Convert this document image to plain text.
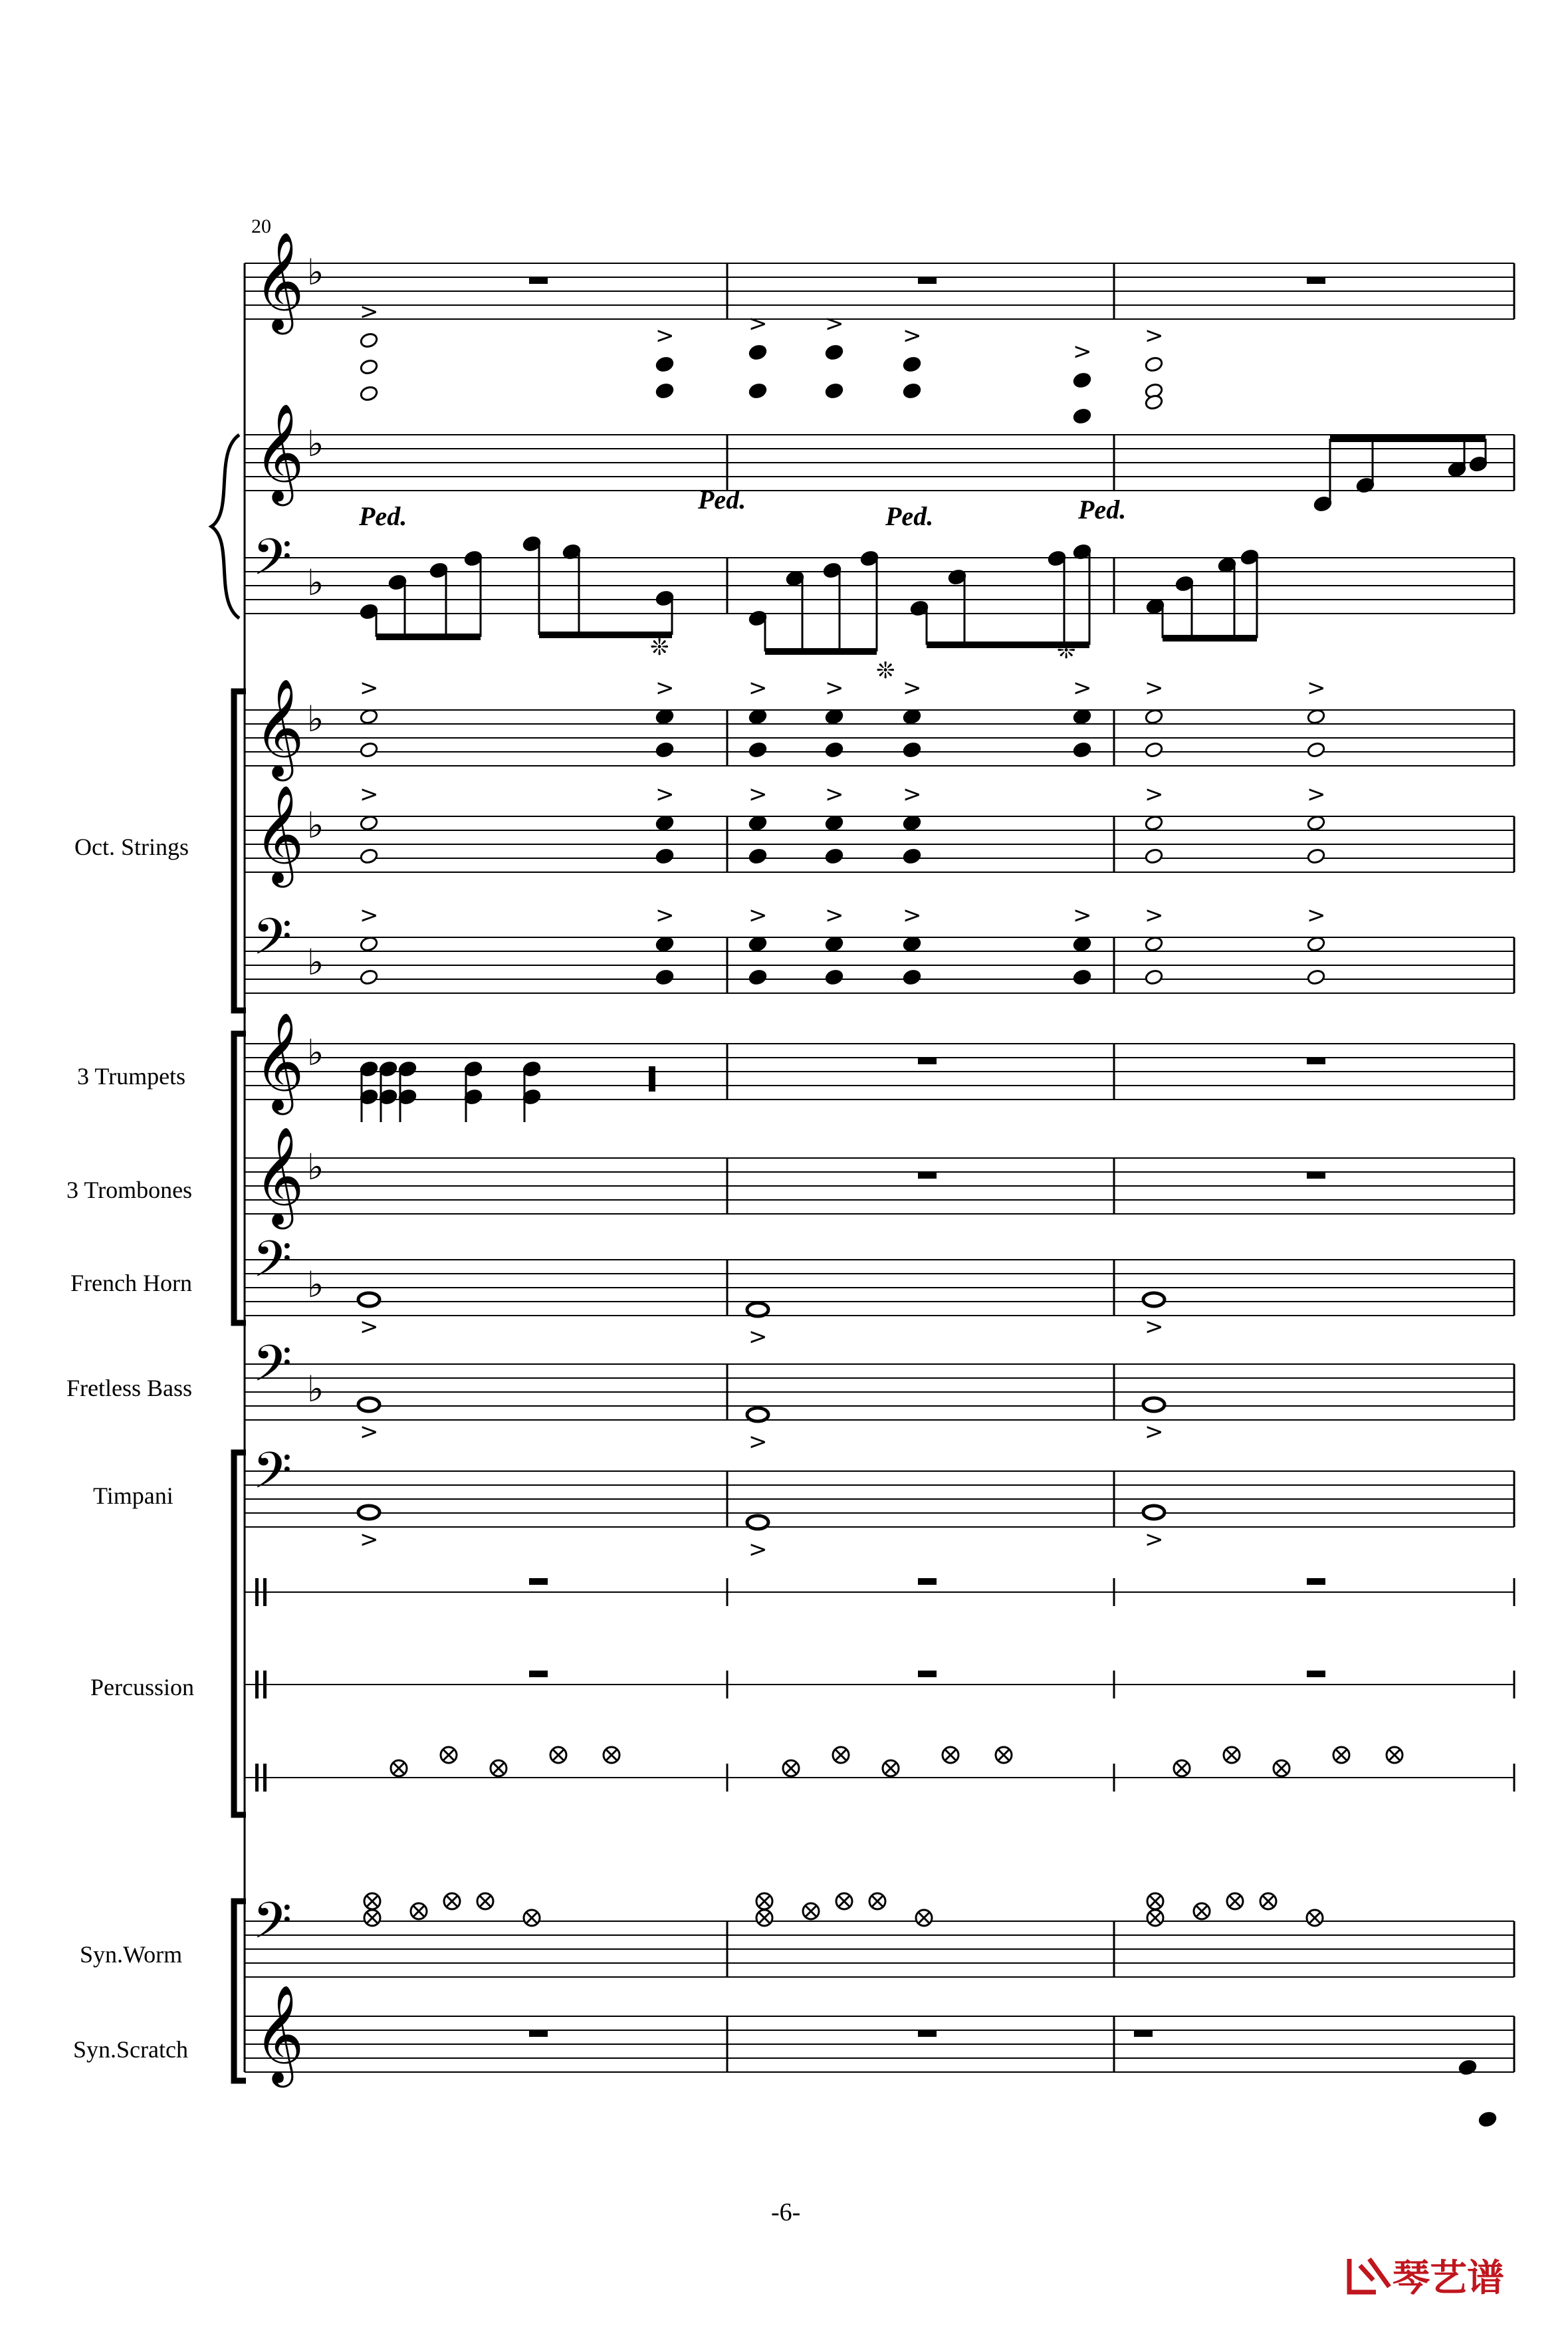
𝄞 ♭
𝄞 ♭
𝄢 ♭
𝄞 ♭
𝄞 ♭
𝄢 ♭
𝄞 ♭
𝄞 ♭
𝄢 ♭
𝄢 ♭
𝄢
𝄢
𝄞
>
>	>	>	>
>
>
>
>
>
>
>
>
>	>	>
>	>	>
>	>	>
>
>
>
>
>
>
>
>
>	>	>
>	>	>
>	>	>
20
Oct. Strings
3 Trumpets
3 Trombones
French Horn
Fretless Bass
Timpani
Percussion
Syn.Worm
Syn.Scratch
Ped.
Ped.
Ped.	Ped.
❊
❊
❊
-6-
琴艺谱
